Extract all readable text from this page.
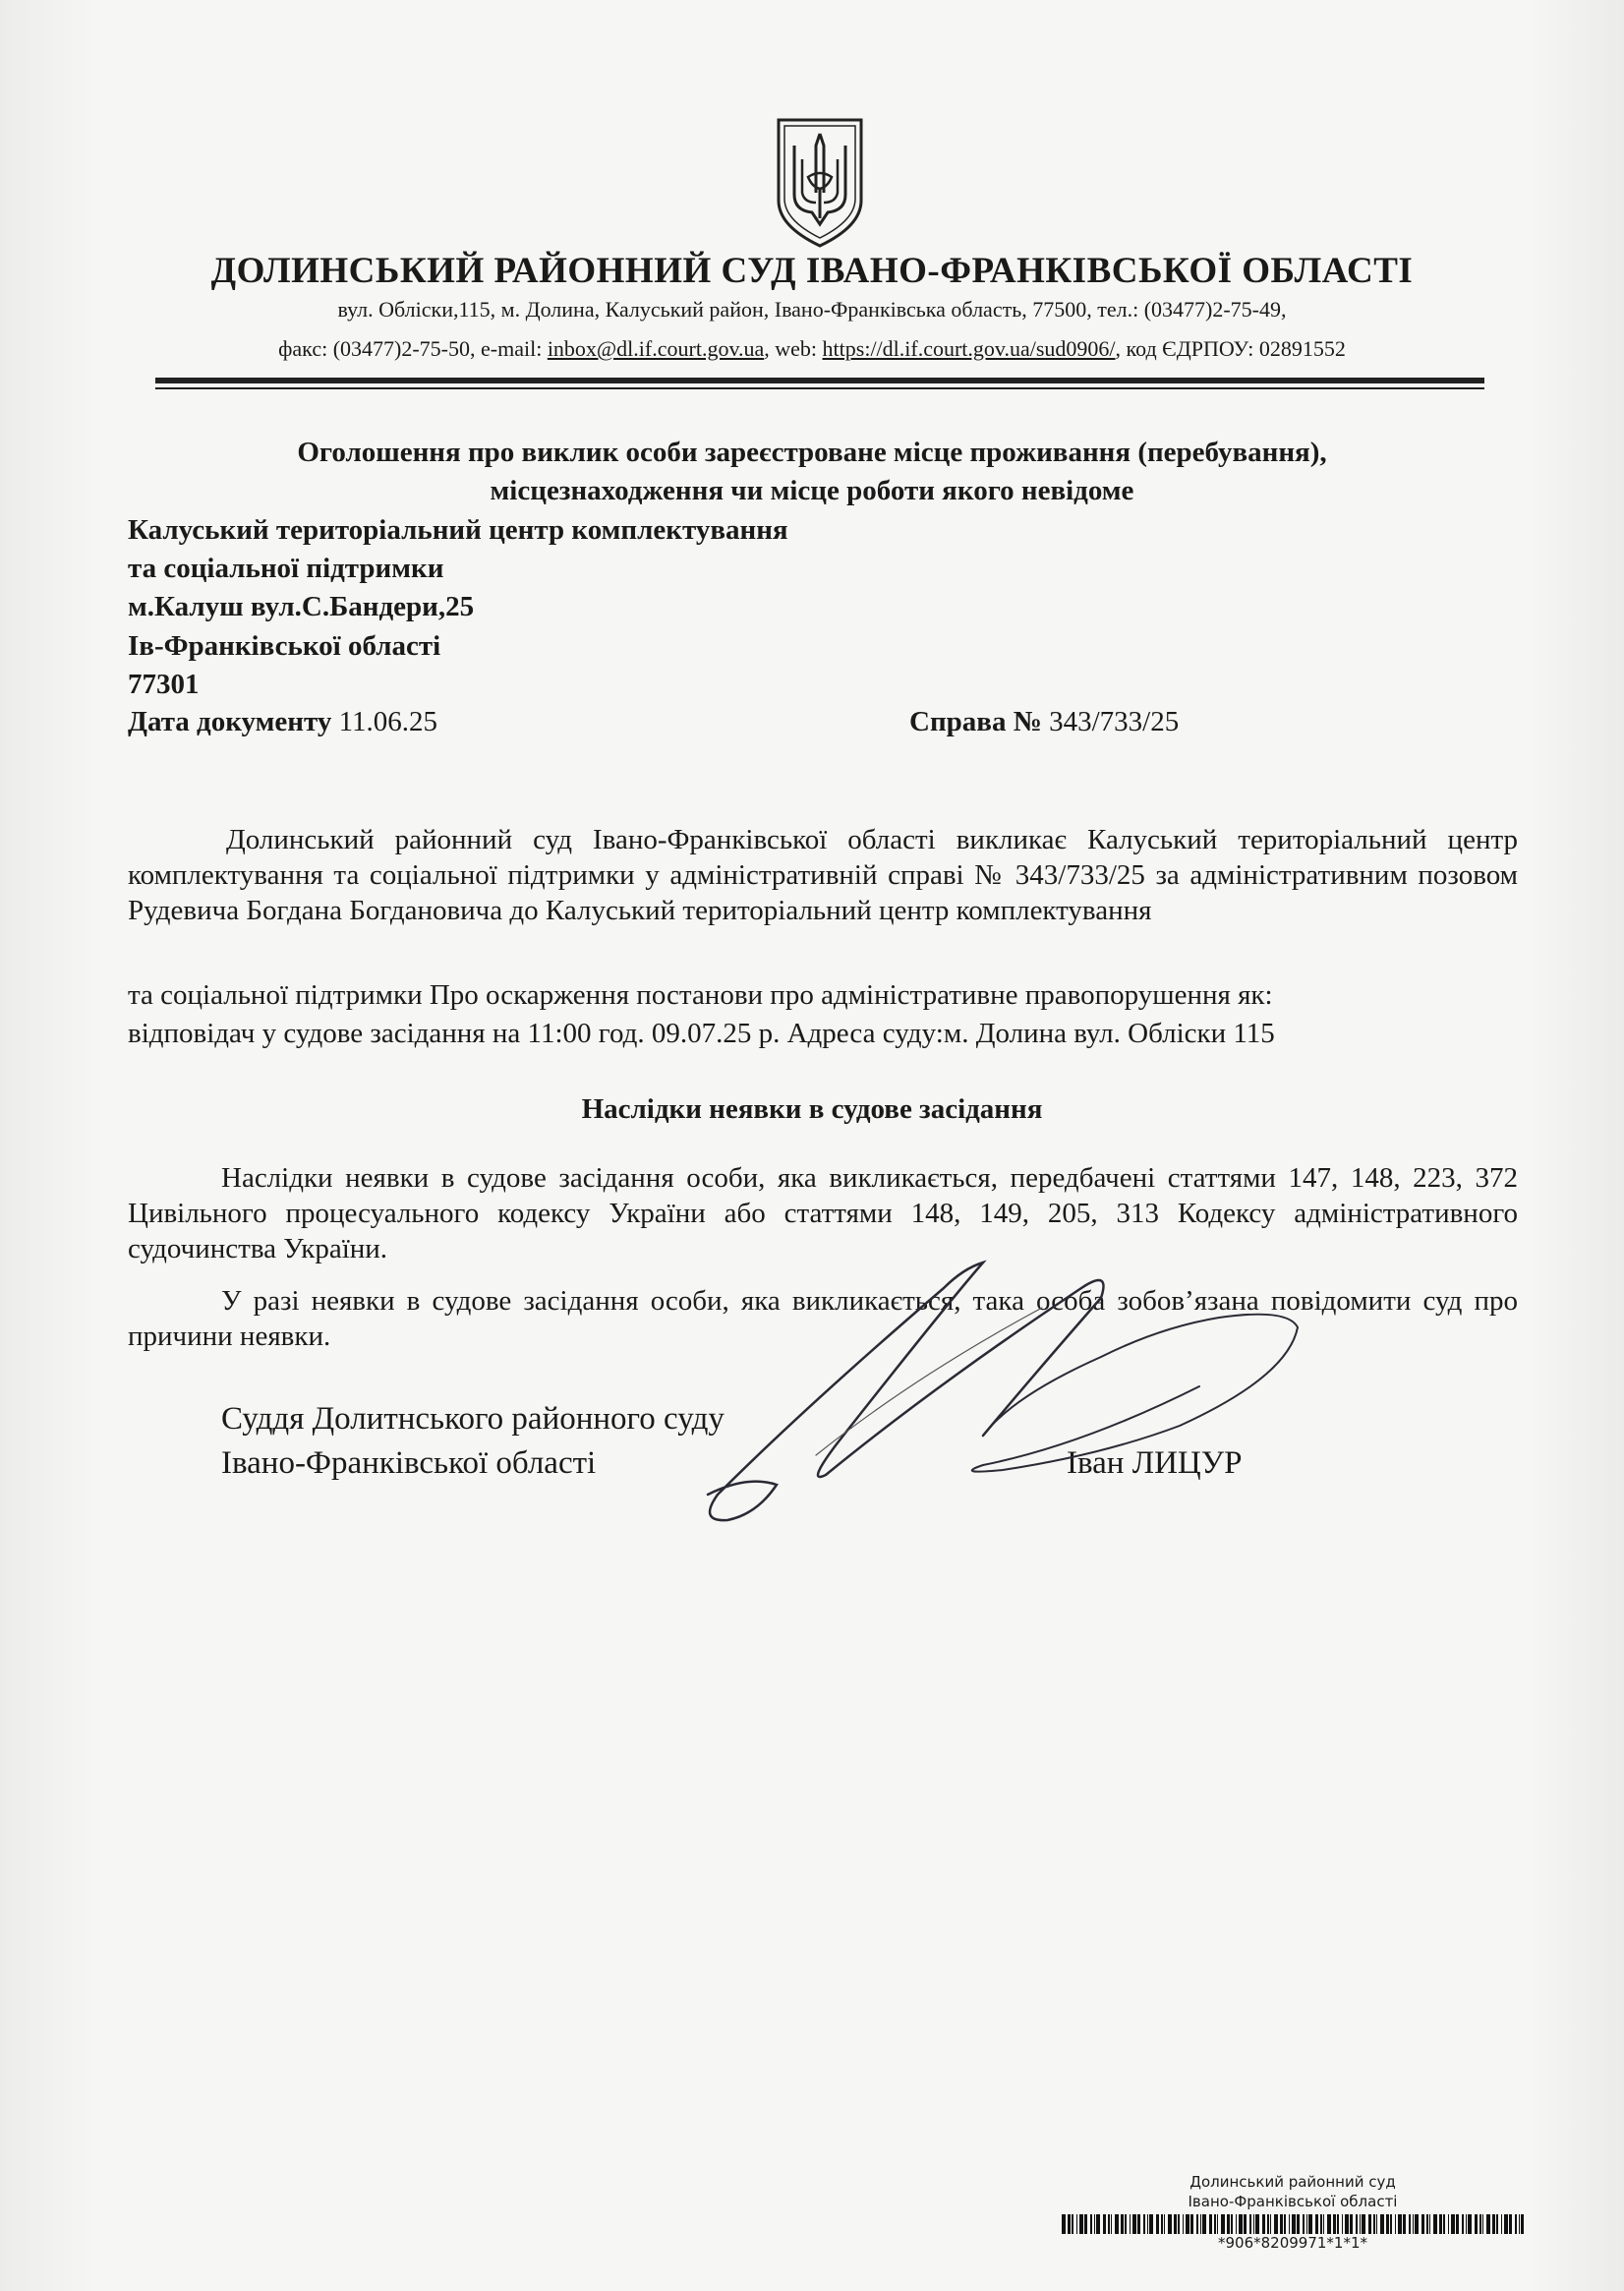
ДОЛИНСЬКИЙ РАЙОННИЙ СУД ІВАНО-ФРАНКІВСЬКОЇ ОБЛАСТІ
вул. Обліски,115, м. Долина, Калуський район, Івано-Франківська область, 77500, тел.: (03477)2-75-49,
факс: (03477)2-75-50, e-mail: inbox@dl.if.court.gov.ua, web: https://dl.if.court.gov.ua/sud0906/, код ЄДРПОУ: 02891552
Оголошення про виклик особи зареєстроване місце проживання (перебування),
місцезнаходження чи місце роботи якого невідоме
Калуський територіальний центр комплектування
та соціальної підтримки
м.Калуш вул.С.Бандери,25
Ів-Франківської області
77301
Дата документу 11.06.25	Справа № 343/733/25
Долинський районний суд Івано-Франківської області викликає Калуський територіальний центр комплектування та соціальної підтримки у адміністративній справі № 343/733/25 за адміністративним позовом Рудевича Богдана Богдановича до Калуський територіальний центр комплектування
та соціальної підтримки Про оскарження постанови про адміністративне правопорушення як:
відповідач у судове засідання на 11:00 год. 09.07.25 р. Адреса суду:м. Долина вул. Обліски 115
Наслідки неявки в судове засідання
Наслідки неявки в судове засідання особи, яка викликається, передбачені статтями 147, 148, 223, 372 Цивільного процесуального кодексу України або статтями 148, 149, 205, 313 Кодексу адміністративного судочинства України.
У разі неявки в судове засідання особи, яка викликається, така особа зобов’язана повідомити суд про причини неявки.
Суддя Долитнського районного суду
Івано-Франківської області	Іван ЛИЦУР
Долинський районний суд
Івано-Франківської області
*906*8209971*1*1*
